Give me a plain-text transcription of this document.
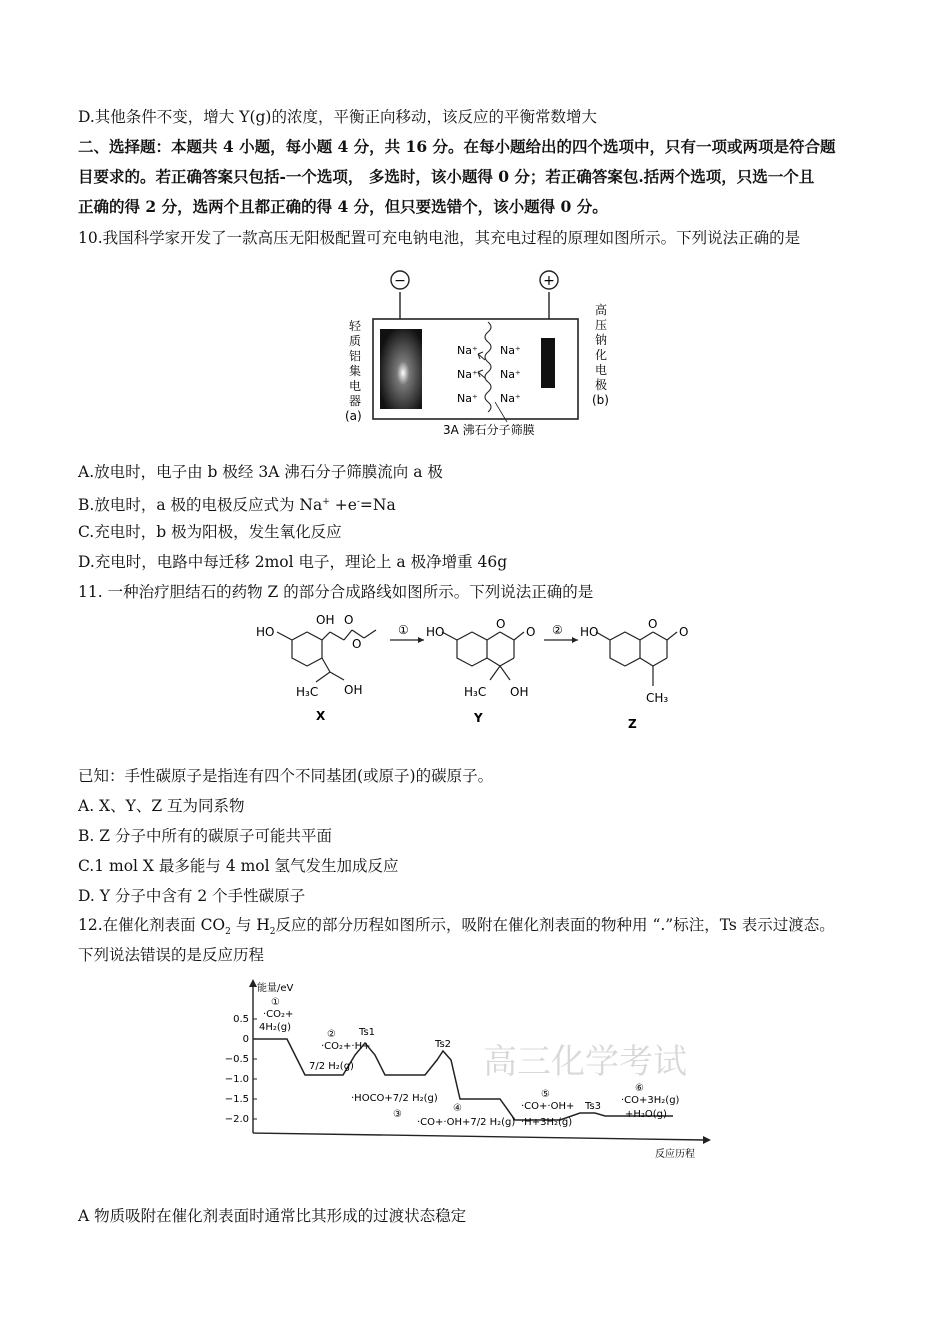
D.其他条件不变，增大 Y(g)的浓度，平衡正向移动，该反应的平衡常数增大
二、选择题：本题共 4 小题，每小题 4 分，共 16 分。在每小题给出的四个选项中，只有一项或两项是符合题
目要求的。若正确答案只包括-一个选项， 多选时，该小题得 0 分；若正确答案包.括两个选项，只选一个且
正确的得 2 分，选两个且都正确的得 4 分，但只要选错个，该小题得 0 分。
10.我国科学家开发了一款高压无阳极配置可充电钠电池，其充电过程的原理如图所示。下列说法正确的是
−	+
Na⁺
Na⁺
Na⁺
Na⁺
Na⁺
Na⁺
3A 沸石分子筛膜
轻
质
铝
集
电
器
(a)
高
压
钠
化
电
极
(b)
A.放电时，电子由 b 极经 3A 沸石分子筛膜流向 a 极
B.放电时，a 极的电极反应式为 Na+ +e-=Na
C.充电时，b 极为阳极，发生氧化反应
D.充电时，电路中每迁移 2mol 电子，理论上 a 极净增重 46g
11. 一种治疗胆结石的药物 Z 的部分合成路线如图所示。下列说法正确的是
HO
OH O
O
H₃C OH
X
① HO
O
O
H₃C OH
Y
② HO
O
O
CH₃
Z
已知：手性碳原子是指连有四个不同基团(或原子)的碳原子。
A. X、Y、Z 互为同系物
B. Z 分子中所有的碳原子可能共平面
C.1 mol X 最多能与 4 mol 氢气发生加成反应
D. Y 分子中含有 2 个手性碳原子
12.在催化剂表面 $CO_2$ 与 $H_2$反应的部分历程如图所示，吸附在催化剂表面的物种用 “.”标注，Ts 表示过渡态。
下列说法错误的是反应历程
高三化学考试
能量/eV
反应历程
0.5
0
−0.5
−1.0
−1.5
−2.0
①
·CO₂+
4H₂(g)
②
·CO₂+·H+
7/2 H₂(g)
Ts1
·HOCO+7/2 H₂(g)
③
Ts2
④
·CO+·OH+7/2 H₂(g)
⑤
·CO+·OH+
·H+3H₂(g)
Ts3
⑥
·CO+3H₂(g)
+H₂O(g)
A 物质吸附在催化剂表面时通常比其形成的过渡状态稳定
